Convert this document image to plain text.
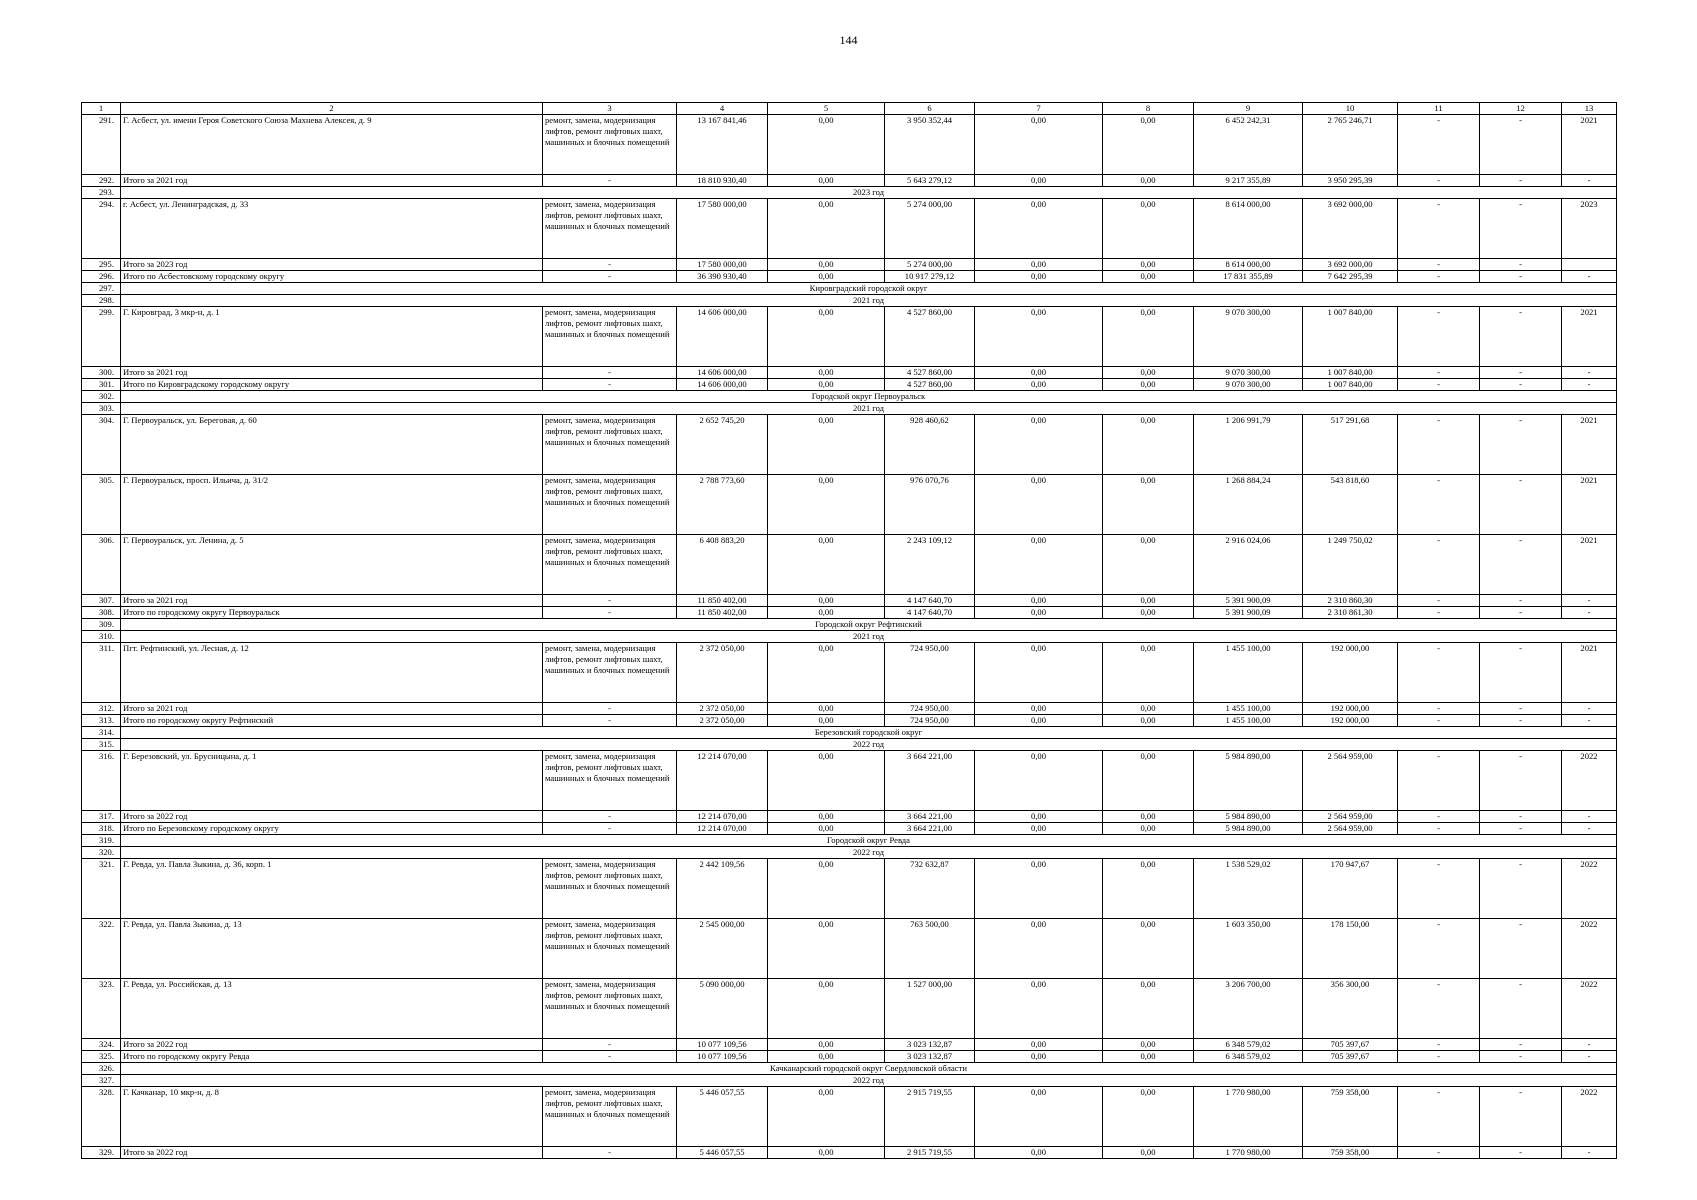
144
1	2	3	4	5	6	7	8	9	10	11	12	13
291.	Г. Асбест, ул. имени Героя Советского Союза Махнева Алексея, д. 9	ремонт, замена, модернизация лифтов, ремонт лифтовых шахт, машинных и блочных помещений	13 167 841,46	0,00	3 950 352,44	0,00	0,00	6 452 242,31	2 765 246,71	-	-	2021
292.	Итого за 2021 год	-	18 810 930,40	0,00	5 643 279,12	0,00	0,00	9 217 355,89	3 950 295,39	-	-	-
293.	2023 год											
294.	г. Асбест, ул. Ленинградская, д. 33	ремонт, замена, модернизация лифтов, ремонт лифтовых шахт, машинных и блочных помещений	17 580 000,00	0,00	5 274 000,00	0,00	0,00	8 614 000,00	3 692 000,00	-	-	2023
295.	Итого за 2023 год	-	17 580 000,00	0,00	5 274 000,00	0,00	0,00	8 614 000,00	3 692 000,00	-	-	
296.	Итого по Асбестовскому городскому округу	-	36 390 930,40	0,00	10 917 279,12	0,00	0,00	17 831 355,89	7 642 295,39	-	-	-
297.	Кировградский городской округ											
298.	2021 год											
299.	Г. Кировград, 3 мкр-н, д. 1	ремонт, замена, модернизация лифтов, ремонт лифтовых шахт, машинных и блочных помещений	14 606 000,00	0,00	4 527 860,00	0,00	0,00	9 070 300,00	1 007 840,00	-	-	2021
300.	Итого за 2021 год	-	14 606 000,00	0,00	4 527 860,00	0,00	0,00	9 070 300,00	1 007 840,00	-	-	-
301.	Итого по Кировградскому городскому округу	-	14 606 000,00	0,00	4 527 860,00	0,00	0,00	9 070 300,00	1 007 840,00	-	-	-
302.	Городской округ Первоуральск											
303.	2021 год											
304.	Г. Первоуральск, ул. Береговая, д. 60	ремонт, замена, модернизация лифтов, ремонт лифтовых шахт, машинных и блочных помещений	2 652 745,20	0,00	928 460,62	0,00	0,00	1 206 991,79	517 291,68	-	-	2021
305.	Г. Первоуральск, просп. Ильича, д. 31/2	ремонт, замена, модернизация лифтов, ремонт лифтовых шахт, машинных и блочных помещений	2 788 773,60	0,00	976 070,76	0,00	0,00	1 268 884,24	543 818,60	-	-	2021
306.	Г. Первоуральск, ул. Ленина, д. 5	ремонт, замена, модернизация лифтов, ремонт лифтовых шахт, машинных и блочных помещений	6 408 883,20	0,00	2 243 109,12	0,00	0,00	2 916 024,06	1 249 750,02	-	-	2021
307.	Итого за 2021 год	-	11 850 402,00	0,00	4 147 640,70	0,00	0,00	5 391 900,09	2 310 860,30	-	-	-
308.	Итого по городскому округу Первоуральск	-	11 850 402,00	0,00	4 147 640,70	0,00	0,00	5 391 900,09	2 310 861,30	-	-	-
309.	Городской округ Рефтинский											
310.	2021 год											
311.	Пгт. Рефтинский, ул. Лесная, д. 12	ремонт, замена, модернизация лифтов, ремонт лифтовых шахт, машинных и блочных помещений	2 372 050,00	0,00	724 950,00	0,00	0,00	1 455 100,00	192 000,00	-	-	2021
312.	Итого за 2021 год	-	2 372 050,00	0,00	724 950,00	0,00	0,00	1 455 100,00	192 000,00	-	-	-
313.	Итого по городскому округу Рефтинский	-	2 372 050,00	0,00	724 950,00	0,00	0,00	1 455 100,00	192 000,00	-	-	-
314.	Березовский городской округ											
315.	2022 год											
316.	Г. Березовский, ул. Брусницына, д. 1	ремонт, замена, модернизация лифтов, ремонт лифтовых шахт, машинных и блочных помещений	12 214 070,00	0,00	3 664 221,00	0,00	0,00	5 984 890,00	2 564 959,00	-	-	2022
317.	Итого за 2022 год	-	12 214 070,00	0,00	3 664 221,00	0,00	0,00	5 984 890,00	2 564 959,00	-	-	-
318.	Итого по Березовскому городскому округу	-	12 214 070,00	0,00	3 664 221,00	0,00	0,00	5 984 890,00	2 564 959,00	-	-	-
319.	Городской округ Ревда											
320.	2022 год											
321.	Г. Ревда, ул. Павла Зыкина, д. 36, корп. 1	ремонт, замена, модернизация лифтов, ремонт лифтовых шахт, машинных и блочных помещений	2 442 109,56	0,00	732 632,87	0,00	0,00	1 538 529,02	170 947,67	-	-	2022
322.	Г. Ревда, ул. Павла Зыкина, д. 13	ремонт, замена, модернизация лифтов, ремонт лифтовых шахт, машинных и блочных помещений	2 545 000,00	0,00	763 500,00	0,00	0,00	1 603 350,00	178 150,00	-	-	2022
323.	Г. Ревда, ул. Российская, д. 13	ремонт, замена, модернизация лифтов, ремонт лифтовых шахт, машинных и блочных помещений	5 090 000,00	0,00	1 527 000,00	0,00	0,00	3 206 700,00	356 300,00	-	-	2022
324.	Итого за 2022 год	-	10 077 109,56	0,00	3 023 132,87	0,00	0,00	6 348 579,02	705 397,67	-	-	-
325.	Итого по городскому округу Ревда	-	10 077 109,56	0,00	3 023 132,87	0,00	0,00	6 348 579,02	705 397,67	-	-	-
326.	Качканарский городской округ Свердловской области											
327.	2022 год											
328.	Г. Качканар, 10 мкр-н, д. 8	ремонт, замена, модернизация лифтов, ремонт лифтовых шахт, машинных и блочных помещений	5 446 057,55	0,00	2 915 719,55	0,00	0,00	1 770 980,00	759 358,00	-	-	2022
329.	Итого за 2022 год	-	5 446 057,55	0,00	2 915 719,55	0,00	0,00	1 770 980,00	759 358,00	-	-	-
